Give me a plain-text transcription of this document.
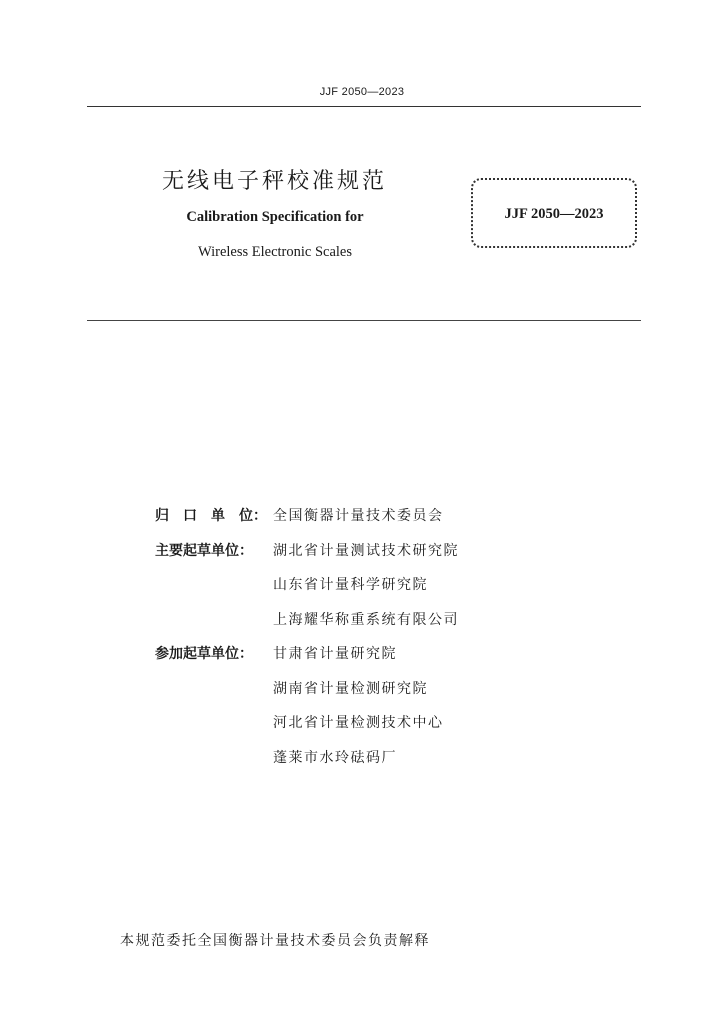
JJF 2050—2023
无线电子秤校准规范
Calibration Specification for
Wireless Electronic Scales
JJF 2050—2023
归　口　单　位： 全国衡器计量技术委员会
主要起草单位：	湖北省计量测试技术研究院
山东省计量科学研究院
上海耀华称重系统有限公司
参加起草单位：	甘肃省计量研究院
湖南省计量检测研究院
河北省计量检测技术中心
蓬莱市水玲砝码厂
本规范委托全国衡器计量技术委员会负责解释
